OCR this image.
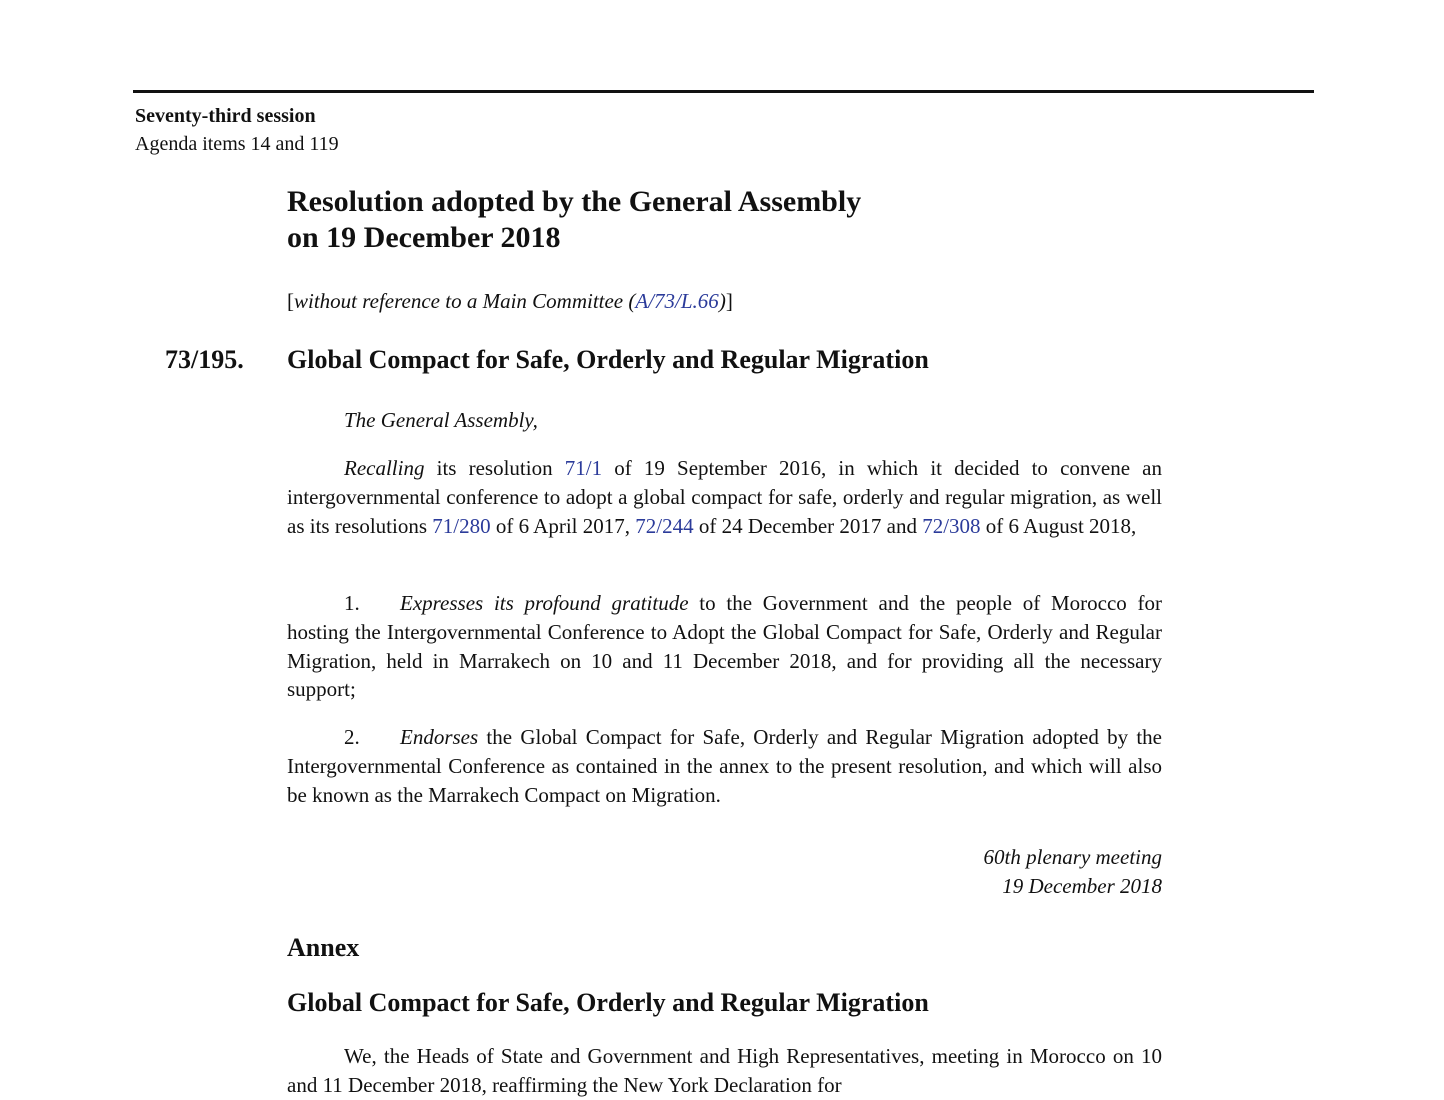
Seventy-third session
Agenda items 14 and 119
Resolution adopted by the General Assembly
on 19 December 2018
[without reference to a Main Committee (A/73/L.66)]
73/195. Global Compact for Safe, Orderly and Regular Migration
The General Assembly,
Recalling its resolution 71/1 of 19 September 2016, in which it decided to convene an intergovernmental conference to adopt a global compact for safe, orderly and regular migration, as well as its resolutions 71/280 of 6 April 2017, 72/244 of 24 December 2017 and 72/308 of 6 August 2018,
1. Expresses its profound gratitude to the Government and the people of Morocco for hosting the Intergovernmental Conference to Adopt the Global Compact for Safe, Orderly and Regular Migration, held in Marrakech on 10 and 11 December 2018, and for providing all the necessary support;
2. Endorses the Global Compact for Safe, Orderly and Regular Migration adopted by the Intergovernmental Conference as contained in the annex to the present resolution, and which will also be known as the Marrakech Compact on Migration.
60th plenary meeting
19 December 2018
Annex
Global Compact for Safe, Orderly and Regular Migration
We, the Heads of State and Government and High Representatives, meeting in Morocco on 10 and 11 December 2018, reaffirming the New York Declaration for
